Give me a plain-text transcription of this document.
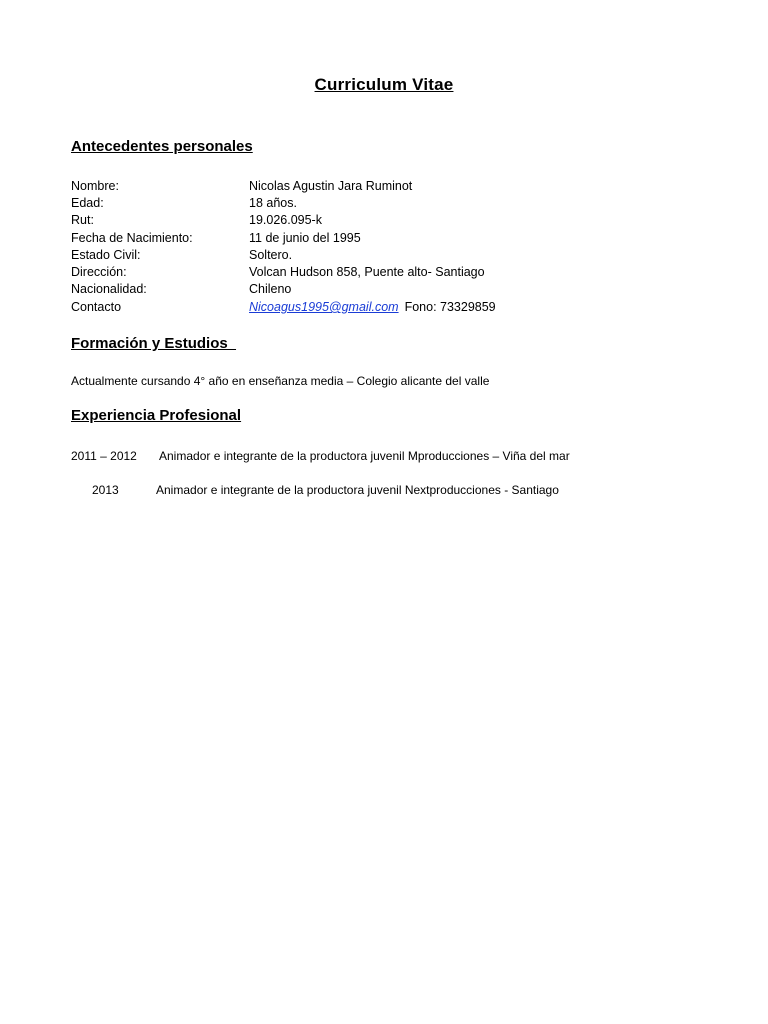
Curriculum Vitae
Antecedentes personales
Nombre:	Nicolas Agustin Jara Ruminot
Edad:	18 años.
Rut:	19.026.095-k
Fecha de Nacimiento:	11 de junio del 1995
Estado Civil:	Soltero.
Dirección:	Volcan Hudson 858, Puente alto- Santiago
Nacionalidad:	Chileno
Contacto	Nicoagus1995@gmail.com Fono: 73329859
Formación y Estudios
Actualmente cursando 4° año en enseñanza media – Colegio alicante del valle
Experiencia Profesional
2011 – 2012 Animador e integrante de la productora juvenil Mproducciones – Viña del mar
2013	Animador e integrante de la productora juvenil Nextproducciones - Santiago
